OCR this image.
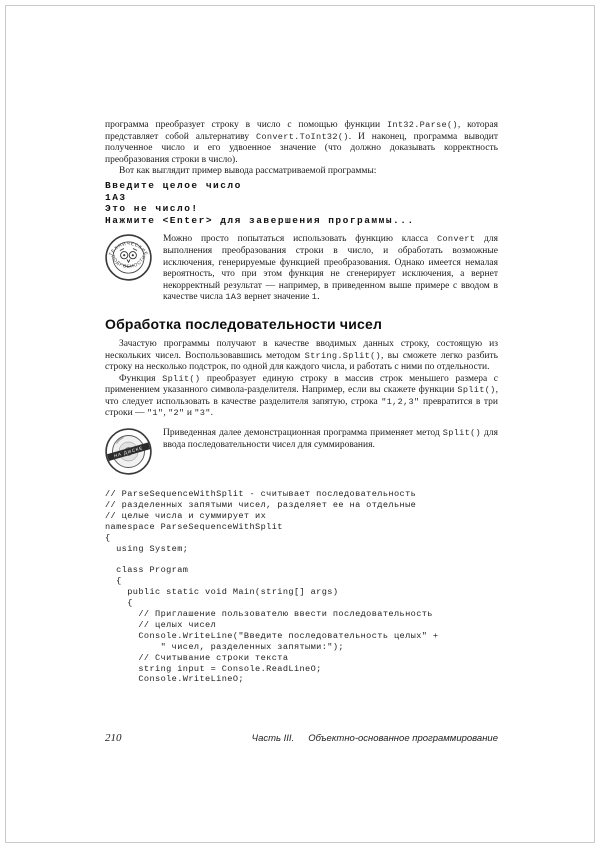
программа преобразует строку в число с помощью функции Int32.Parse(), которая представляет собой альтернативу Convert.ToInt32(). И наконец, программа выводит полученное число и его удвоенное значение (что должно доказывать корректность преобразования строки в число).

Вот как выглядит пример вывода рассматриваемой программы:

Введите целое число
1A3
Это не число!
Нажмите <Enter> для завершения программы...
ТЕХНИЧЕСКИЕ
ПОДРОБНОСТИ

Можно просто попытаться использовать функцию класса Convert для выполнения преобразования строки в число, и обработать возможные исключения, генерируемые функцией преобразования. Однако имеется немалая вероятность, что при этом функция не сгенерирует исключения, а вернет некорректный результат — например, в приведенном выше примере с вводом в качестве числа 1A3 вернет значение 1.

Обработка последовательности чисел

Зачастую программы получают в качестве вводимых данных строку, состоящую из нескольких чисел. Воспользовавшись методом String.Split(), вы сможете легко разбить строку на несколько подстрок, по одной для каждого числа, и работать с ними по отдельности.

Функция Split() преобразует единую строку в массив строк меньшего размера с применением указанного символа-разделителя. Например, если вы скажете функции Split(), что следует использовать в качестве разделителя запятую, строка "1,2,3" превратится в три строки — "1", "2" и "3".

НА ДИСКЕ

Приведенная далее демонстрационная программа применяет метод Split() для ввода последовательности чисел для суммирования.

// ParseSequenceWithSplit - считывает последовательность
// разделенных запятыми чисел, разделяет ее на отдельные
// целые числа и суммирует их
namespace ParseSequenceWithSplit
{
using System;

class Program
{
public static void Main(string[] args)
{
// Приглашение пользователю ввести последовательность
// целых чисел
Console.WriteLine("Введите последовательность целых" +
" чисел, разделенных запятыми:");
// Считывание строки текста
string input = Console.ReadLineO;
Console.WriteLineO;
210	Часть III. Объектно-основанное программирование
